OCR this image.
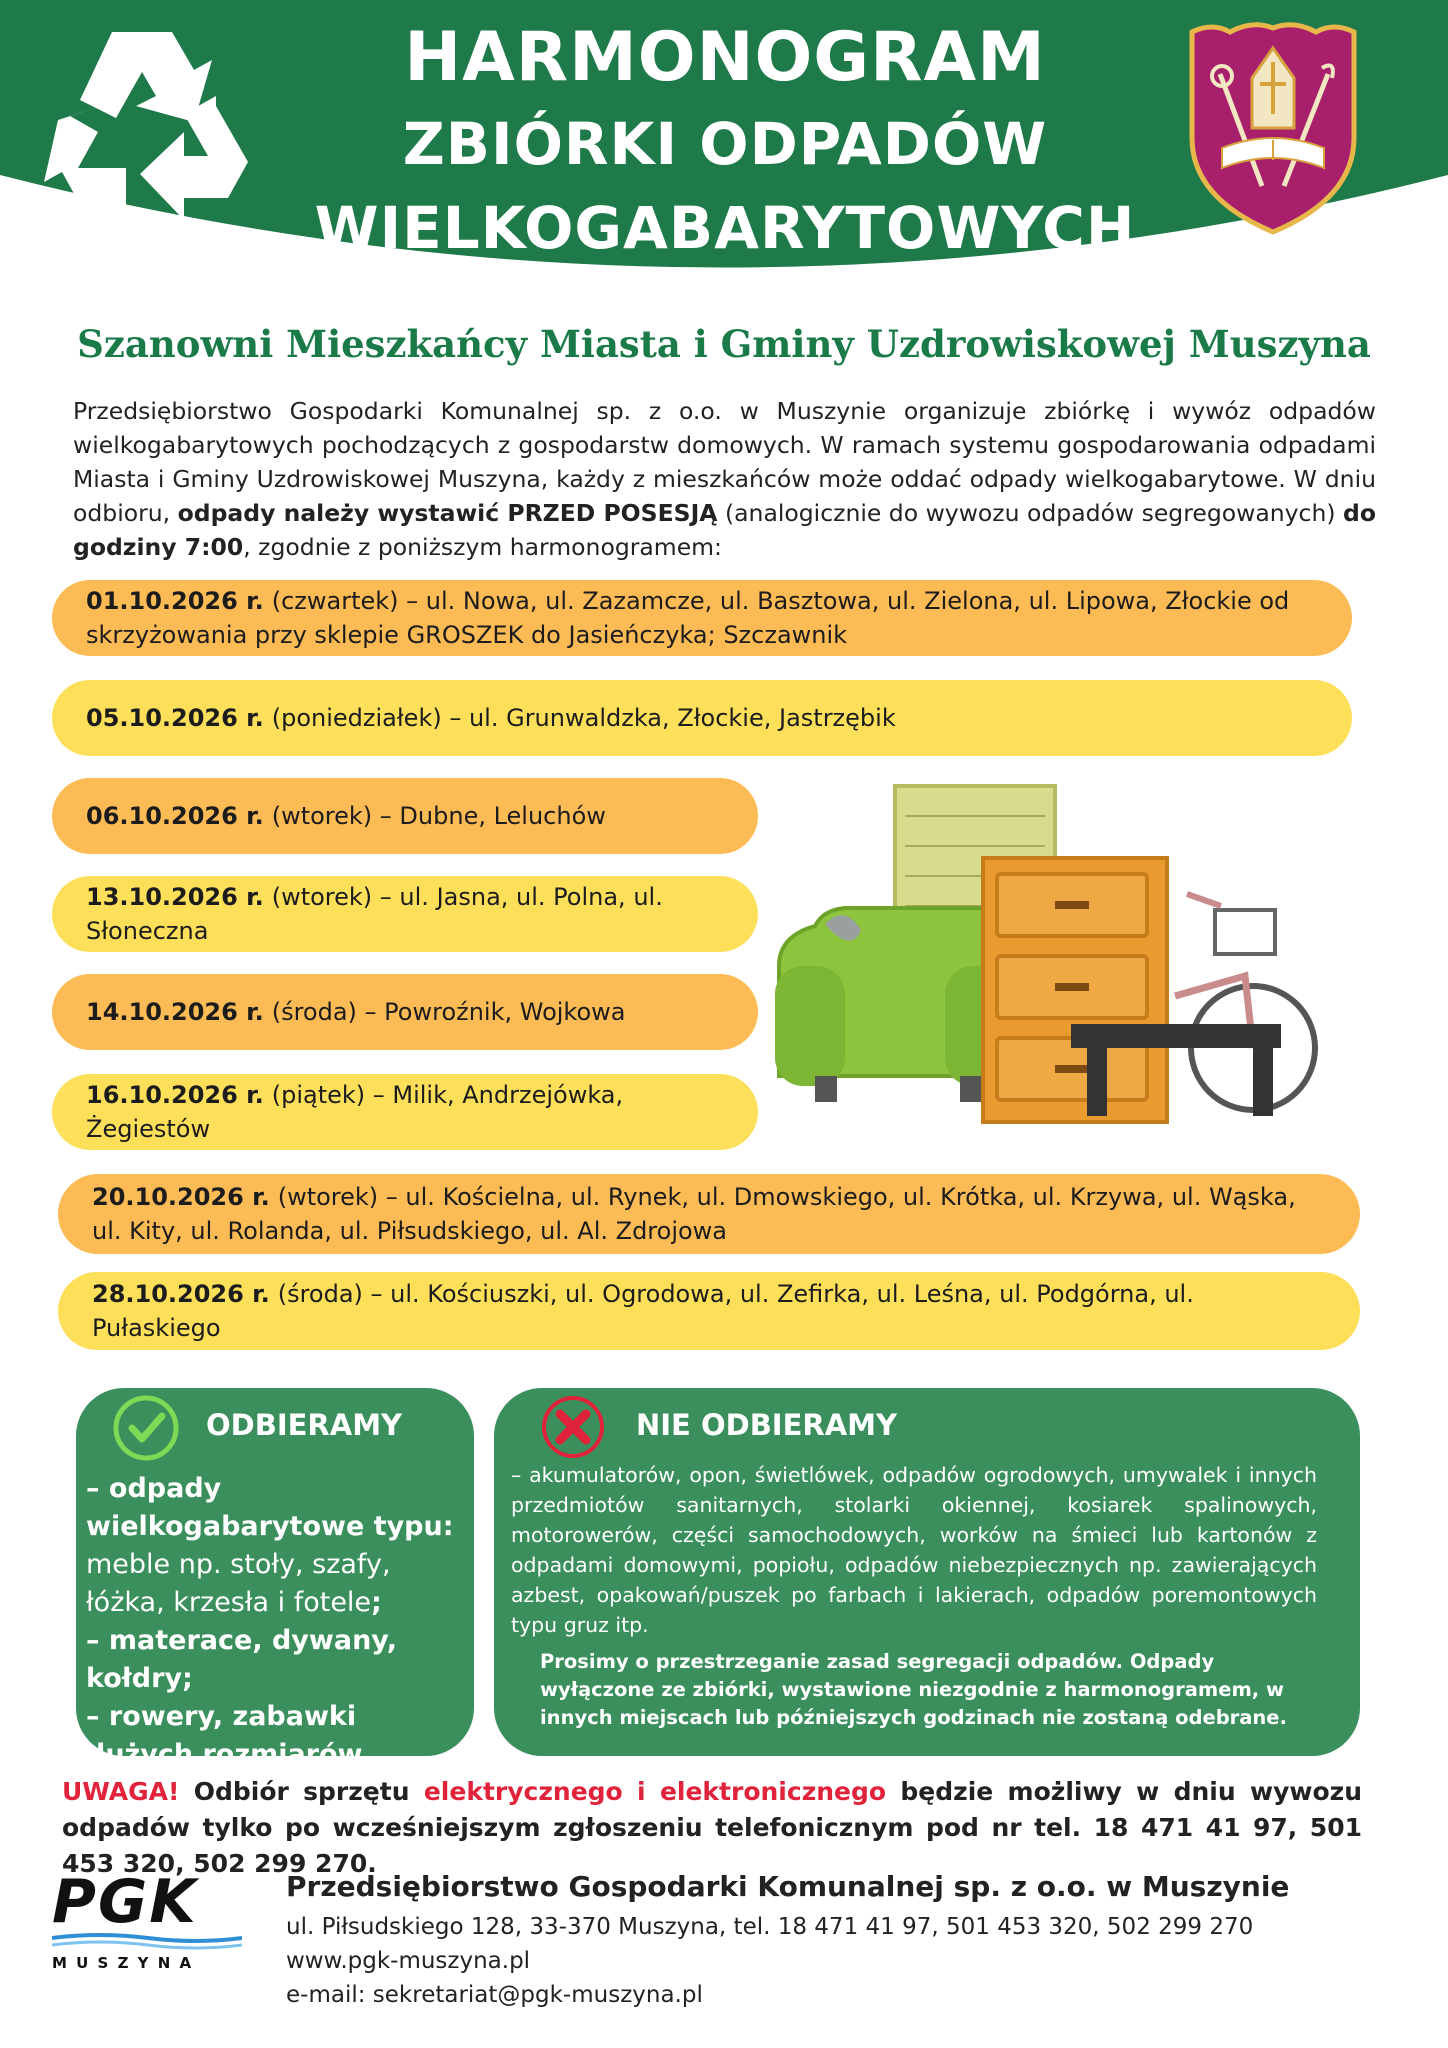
HARMONOGRAM
ZBIÓRKI ODPADÓW
WIELKOGABARYTOWYCH
Szanowni Mieszkańcy Miasta i Gminy Uzdrowiskowej Muszyna
Przedsiębiorstwo Gospodarki Komunalnej sp. z o.o. w Muszynie organizuje zbiórkę i wywóz odpadów wielkogabarytowych pochodzących z gospodarstw domowych. W ramach systemu gospodarowania odpadami Miasta i Gminy Uzdrowiskowej Muszyna, każdy z mieszkańców może oddać odpady wielkogabarytowe. W dniu odbioru, odpady należy wystawić PRZED POSESJĄ (analogicznie do wywozu odpadów segregowanych) do godziny 7:00, zgodnie z poniższym harmonogramem:
01.10.2026 r. (czwartek) – ul. Nowa, ul. Zazamcze, ul. Basztowa, ul. Zielona, ul. Lipowa, Złockie od skrzyżowania przy sklepie GROSZEK do Jasieńczyka; Szczawnik
05.10.2026 r. (poniedziałek) – ul. Grunwaldzka, Złockie, Jastrzębik
06.10.2026 r. (wtorek) – Dubne, Leluchów
13.10.2026 r. (wtorek) – ul. Jasna, ul. Polna, ul. Słoneczna
14.10.2026 r. (środa) – Powroźnik, Wojkowa
16.10.2026 r. (piątek) – Milik, Andrzejówka, Żegiestów
20.10.2026 r. (wtorek) – ul. Kościelna, ul. Rynek, ul. Dmowskiego, ul. Krótka, ul. Krzywa, ul. Wąska, ul. Kity, ul. Rolanda, ul. Piłsudskiego, ul. Al. Zdrojowa
28.10.2026 r. (środa) – ul. Kościuszki, ul. Ogrodowa, ul. Zefirka, ul. Leśna, ul. Podgórna, ul. Pułaskiego
ODBIERAMY
– odpady wielkogabarytowe typu: meble np. stoły, szafy, łóżka, krzesła i fotele;
– materace, dywany, kołdry;
– rowery, zabawki dużych rozmiarów.
NIE ODBIERAMY
– akumulatorów, opon, świetlówek, odpadów ogrodowych, umywalek i innych przedmiotów sanitarnych, stolarki okiennej, kosiarek spalinowych, motorowerów, części samochodowych, worków na śmieci lub kartonów z odpadami domowymi, popiołu, odpadów niebezpiecznych np. zawierających azbest, opakowań/puszek po farbach i lakierach, odpadów poremontowych typu gruz itp.
Prosimy o przestrzeganie zasad segregacji odpadów. Odpady wyłączone ze zbiórki, wystawione niezgodnie z harmonogramem, w innych miejscach lub późniejszych godzinach nie zostaną odebrane.
UWAGA! Odbiór sprzętu elektrycznego i elektronicznego będzie możliwy w dniu wywozu odpadów tylko po wcześniejszym zgłoszeniu telefonicznym pod nr tel. 18 471 41 97, 501 453 320, 502 299 270.
PGK
M U S Z Y N A
Przedsiębiorstwo Gospodarki Komunalnej sp. z o.o. w Muszynie
ul. Piłsudskiego 128, 33-370 Muszyna, tel. 18 471 41 97, 501 453 320, 502 299 270
www.pgk-muszyna.pl
e-mail: sekretariat@pgk-muszyna.pl
